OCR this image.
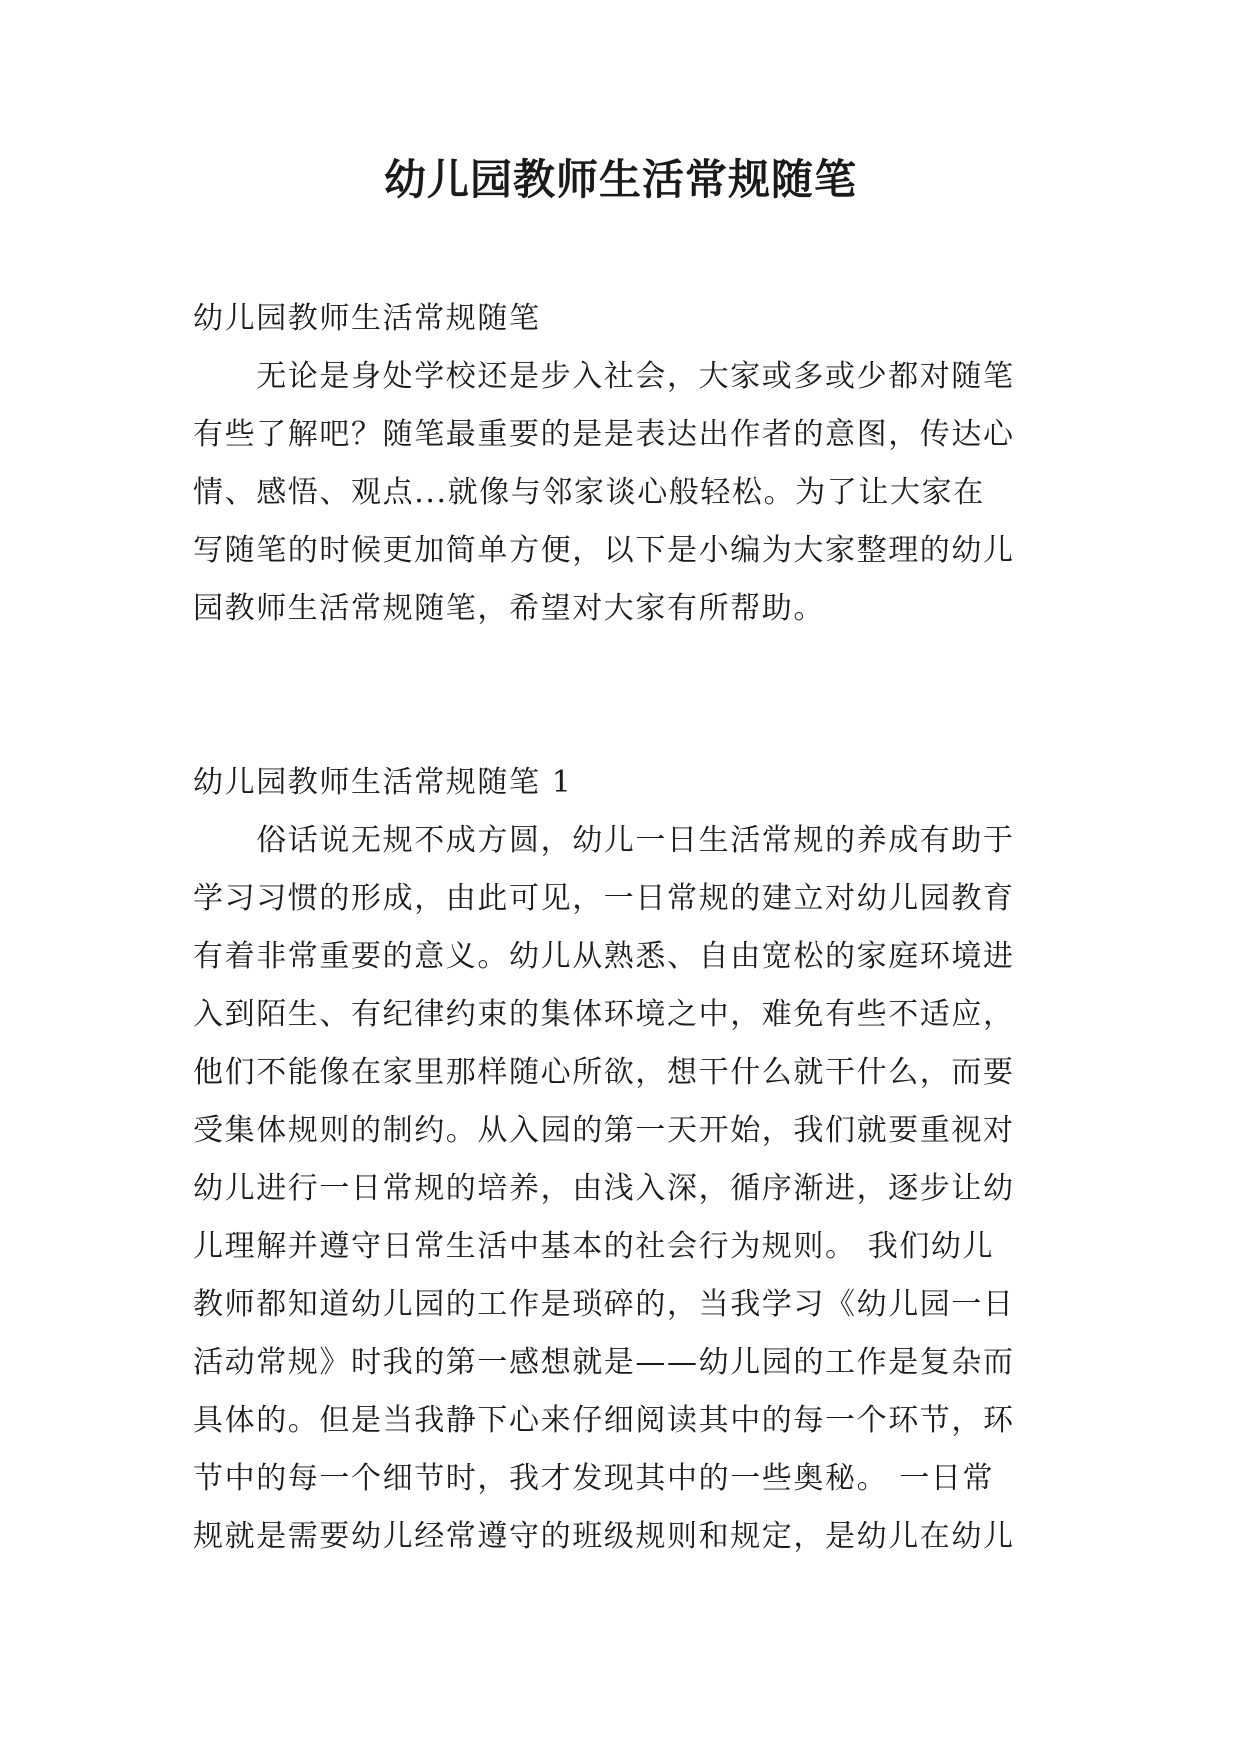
幼儿园教师生活常规随笔
幼儿园教师生活常规随笔
　　无论是身处学校还是步入社会，大家或多或少都对随笔
有些了解吧？随笔最重要的是是表达出作者的意图，传达心
情、感悟、观点...就像与邻家谈心般轻松。为了让大家在
写随笔的时候更加简单方便，以下是小编为大家整理的幼儿
园教师生活常规随笔，希望对大家有所帮助。
幼儿园教师生活常规随笔 1
　　俗话说无规不成方圆，幼儿一日生活常规的养成有助于
学习习惯的形成，由此可见，一日常规的建立对幼儿园教育
有着非常重要的意义。幼儿从熟悉、自由宽松的家庭环境进
入到陌生、有纪律约束的集体环境之中，难免有些不适应，
他们不能像在家里那样随心所欲，想干什么就干什么，而要
受集体规则的制约。从入园的第一天开始，我们就要重视对
幼儿进行一日常规的培养，由浅入深，循序渐进，逐步让幼
儿理解并遵守日常生活中基本的社会行为规则。 我们幼儿
教师都知道幼儿园的工作是琐碎的，当我学习《幼儿园一日
活动常规》时我的第一感想就是——幼儿园的工作是复杂而
具体的。但是当我静下心来仔细阅读其中的每一个环节，环
节中的每一个细节时，我才发现其中的一些奥秘。 一日常
规就是需要幼儿经常遵守的班级规则和规定，是幼儿在幼儿
